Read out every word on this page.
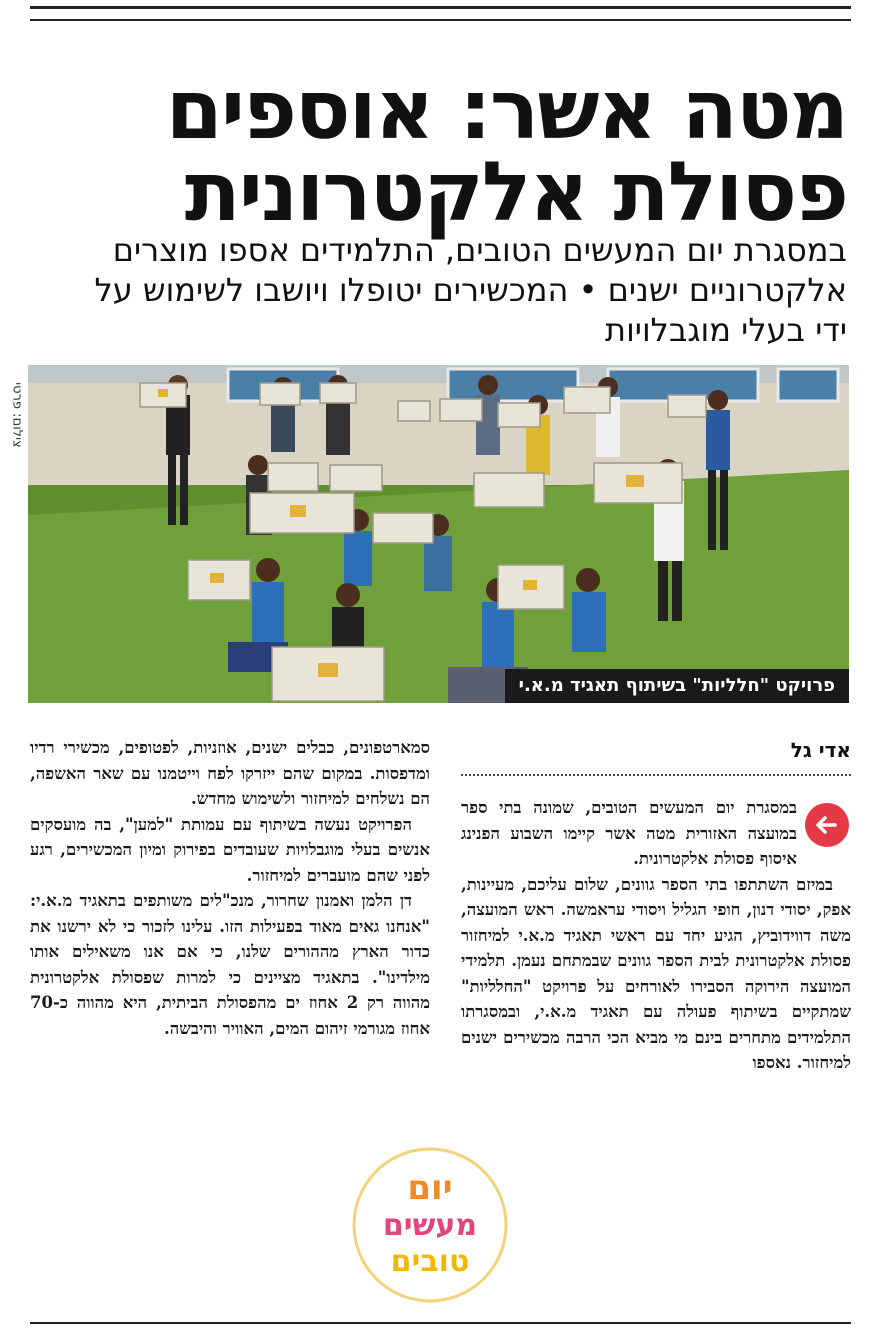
מטה אשר: אוספים
פסולת אלקטרונית
במסגרת יום המעשים הטובים, התלמידים אספו מוצרים
אלקטרוניים ישנים • המכשירים יטופלו ויושבו לשימוש על
ידי בעלי מוגבלויות
צילום: פרטי
פרויקט "חלליות" בשיתוף תאגיד מ.א.י
אדי גל

במסגרת יום המעשים הטובים, שמונה בתי ספר במועצה האזורית מטה אשר קיימו השבוע הפנינג איסוף פסולת אלקטרונית.

במיזם השתתפו בתי הספר גוונים, שלום עליכם, מעיינות, אפק, יסודי דנון, חופי הגליל ויסודי עראמשה. ראש המועצה, משה דווידוביץ, הגיע יחד עם ראשי תאגיד מ.א.י למיחזור פסולת אלקטרונית לבית הספר גוונים שבמתחם נעמן. תלמידי המועצה הירוקה הסבירו לאורחים על פרויקט "החלליות" שמתקיים בשיתוף פעולה עם תאגיד מ.א.י, ובמסגרתו התלמידים מתחרים בינם מי מביא הכי הרבה מכשירים ישנים למיחזור. נאספו

סמארטפונים, כבלים ישנים, אוזניות, לפטופים, מכשירי רדיו ומדפסות. במקום שהם ייזרקו לפח וייטמנו עם שאר האשפה, הם נשלחים למיחזור ולשימוש מחדש.

הפרויקט נעשה בשיתוף עם עמותת "למען", בה מועסקים אנשים בעלי מוגבלויות שעובדים בפירוק ומיון המכשירים, רגע לפני שהם מועברים למיחזור.

דן הלמן ואמנון שחרור, מנכ"לים משותפים בתאגיד מ.א.י: "אנחנו גאים מאוד בפעילות הזו. עלינו לזכור כי לא ירשנו את כדור הארץ מההורים שלנו, כי אם אנו משאילים אותו מילדינו". בתאגיד מציינים כי למרות שפסולת אלקטרונית מהווה רק 2 אחוז ים מהפסולת הביתית, היא מהווה כ-70 אחוז מגורמי זיהום המים, האוויר והיבשה.

יום
מעשים
טובים
